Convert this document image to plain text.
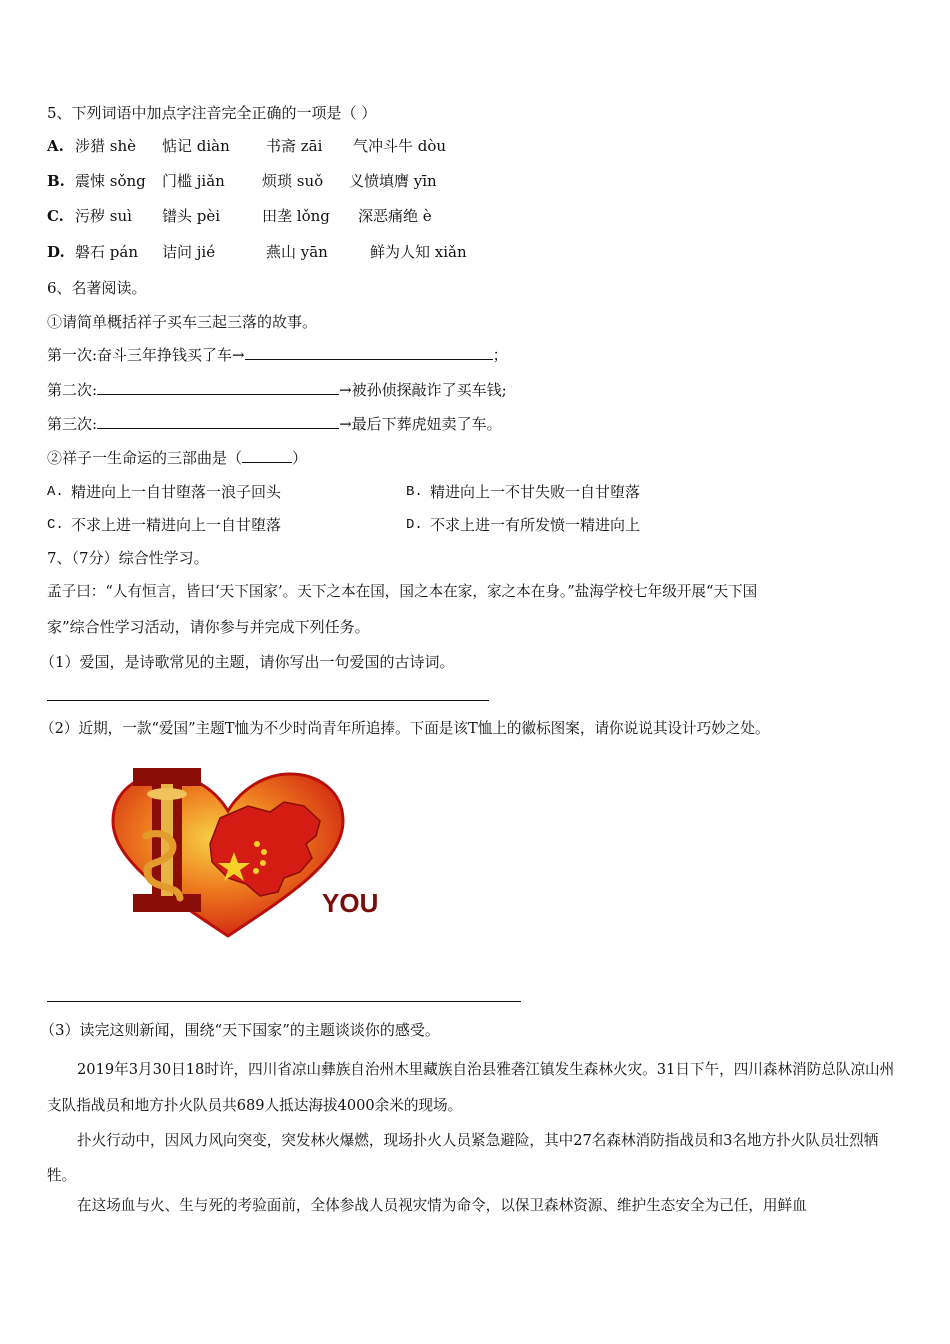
5、下列词语中加点字注音完全正确的一项是（ ）
A. 涉猎 shè 惦记 diàn 书斋 zāi 气冲斗牛 dòu
B. 震悚 sǒng 门槛 jiǎn 烦琐 suǒ 义愤填膺 yīn
C. 污秽 suì 镨头 pèi	田垄 lǒng 深恶痛绝 è
D. 磐石 pán 诘问 jié	燕山 yān	鲜为人知 xiǎn
6、名著阅读。
①请简单概括祥子买车三起三落的故事。
第一次:奋斗三年挣钱买了车→	；
第二次:	→被孙侦探敲诈了买车钱;
第三次:	→最后下葬虎妞卖了车。
②祥子一生命运的三部曲是（	）
A. 精进向上一自甘堕落一浪子回头	B. 精进向上一不甘失败一自甘堕落
C. 不求上进一精进向上一自甘堕落	D. 不求上进一有所发愤一精进向上
7、（7分）综合性学习。
孟子曰：“人有恒言，皆曰‘天下国家’。天下之本在国，国之本在家，家之本在身。”盐海学校七年级开展“天下国
家”综合性学习活动，请你参与并完成下列任务。
（1）爱国，是诗歌常见的主题，请你写出一句爱国的古诗词。
（2）近期，一款“爱国”主题T恤为不少时尚青年所追捧。下面是该T恤上的徽标图案，请你说说其设计巧妙之处。
YOU
（3）读完这则新闻，围绕“天下国家”的主题谈谈你的感受。
2019年3月30日18时许，四川省凉山彝族自治州木里藏族自治县雅砻江镇发生森林火灾。31日下午，四川森林消防总队凉山州支队指战员和地方扑火队员共689人抵达海拔4000余米的现场。
扑火行动中，因风力风向突变，突发林火爆燃，现场扑火人员紧急避险，其中27名森林消防指战员和3名地方扑火队员壮烈牺牲。
在这场血与火、生与死的考验面前，全体参战人员视灾情为命令，以保卫森林资源、维护生态安全为己任，用鲜血
